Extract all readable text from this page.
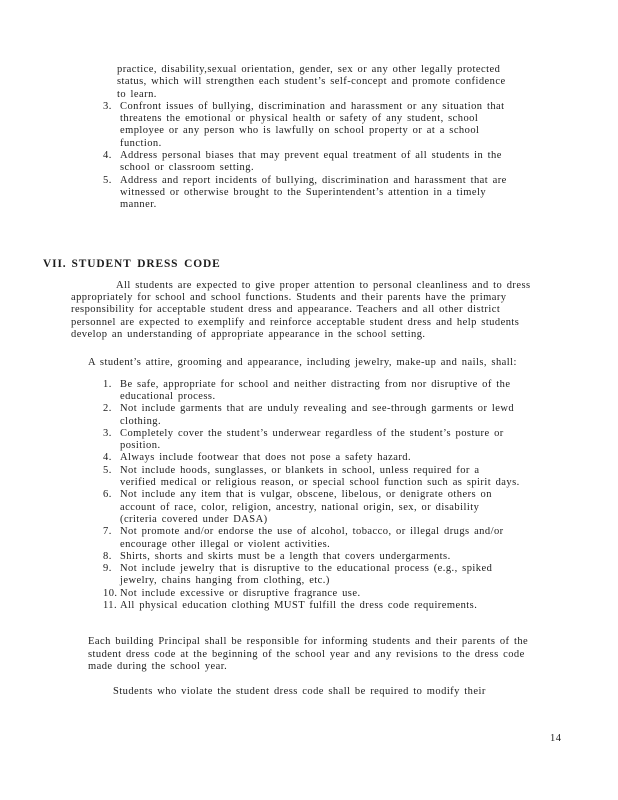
practice, disability,sexual orientation, gender, sex or any other legally protected status, which will strengthen each student’s self-concept and promote confidence to learn.
3. Confront issues of bullying, discrimination and harassment or any situation that threatens the emotional or physical health or safety of any student, school employee or any person who is lawfully on school property or at a school function.
4. Address personal biases that may prevent equal treatment of all students in the school or classroom setting.
5. Address and report incidents of bullying, discrimination and harassment that are witnessed or otherwise brought to the Superintendent’s attention in a timely manner.
VII. STUDENT DRESS CODE
All students are expected to give proper attention to personal cleanliness and to dress appropriately for school and school functions. Students and their parents have the primary responsibility for acceptable student dress and appearance. Teachers and all other district personnel are expected to exemplify and reinforce acceptable student dress and help students develop an understanding of appropriate appearance in the school setting.
A student’s attire, grooming and appearance, including jewelry, make-up and nails, shall:
1. Be safe, appropriate for school and neither distracting from nor disruptive of the educational process.
2. Not include garments that are unduly revealing and see-through garments or lewd clothing.
3. Completely cover the student’s underwear regardless of the student’s posture or position.
4. Always include footwear that does not pose a safety hazard.
5. Not include hoods, sunglasses, or blankets in school, unless required for a verified medical or religious reason, or special school function such as spirit days.
6. Not include any item that is vulgar, obscene, libelous, or denigrate others on account of race, color, religion, ancestry, national origin, sex, or disability (criteria covered under DASA)
7. Not promote and/or endorse the use of alcohol, tobacco, or illegal drugs and/or encourage other illegal or violent activities.
8. Shirts, shorts and skirts must be a length that covers undergarments.
9. Not include jewelry that is disruptive to the educational process (e.g., spiked jewelry, chains hanging from clothing, etc.)
10. Not include excessive or disruptive fragrance use.
11. All physical education clothing MUST fulfill the dress code requirements.
Each building Principal shall be responsible for informing students and their parents of the student dress code at the beginning of the school year and any revisions to the dress code made during the school year.
Students who violate the student dress code shall be required to modify their
14
